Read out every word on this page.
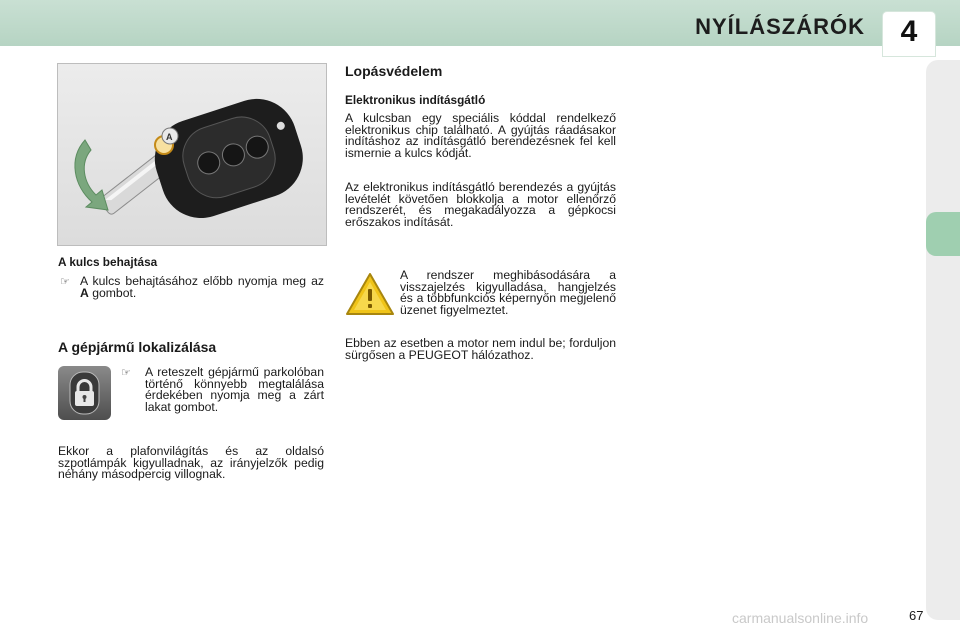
NYÍLÁSZÁRÓK	4
A
A kulcs behajtása
☞ A kulcs behajtásához előbb nyomja meg az A gombot.
A gépjármű lokalizálása
☞ A reteszelt gépjármű parkolóban történő könnyebb megtalálása érdekében nyomja meg a zárt lakat gombot.
Ekkor a plafonvilágítás és az oldalsó szpotlámpák kigyulladnak, az irányjelzők pedig néhány másodpercig villognak.
Lopásvédelem
Elektronikus indításgátló
A kulcsban egy speciális kóddal rendelkező elektronikus chip található. A gyújtás ráadásakor indításhoz az indításgátló berendezésnek fel kell ismernie a kulcs kódját.
Az elektronikus indításgátló berendezés a gyújtás levételét követően blokkolja a motor ellenőrző rendszerét, és megakadályozza a gépkocsi erőszakos indítását.
A rendszer meghibásodására a visszajelzés kigyulladása, hangjelzés és a többfunkciós képernyőn megjelenő üzenet figyelmeztet.
Ebben az esetben a motor nem indul be; forduljon sürgősen a PEUGEOT hálózathoz.
carmanualsonline.info	67
